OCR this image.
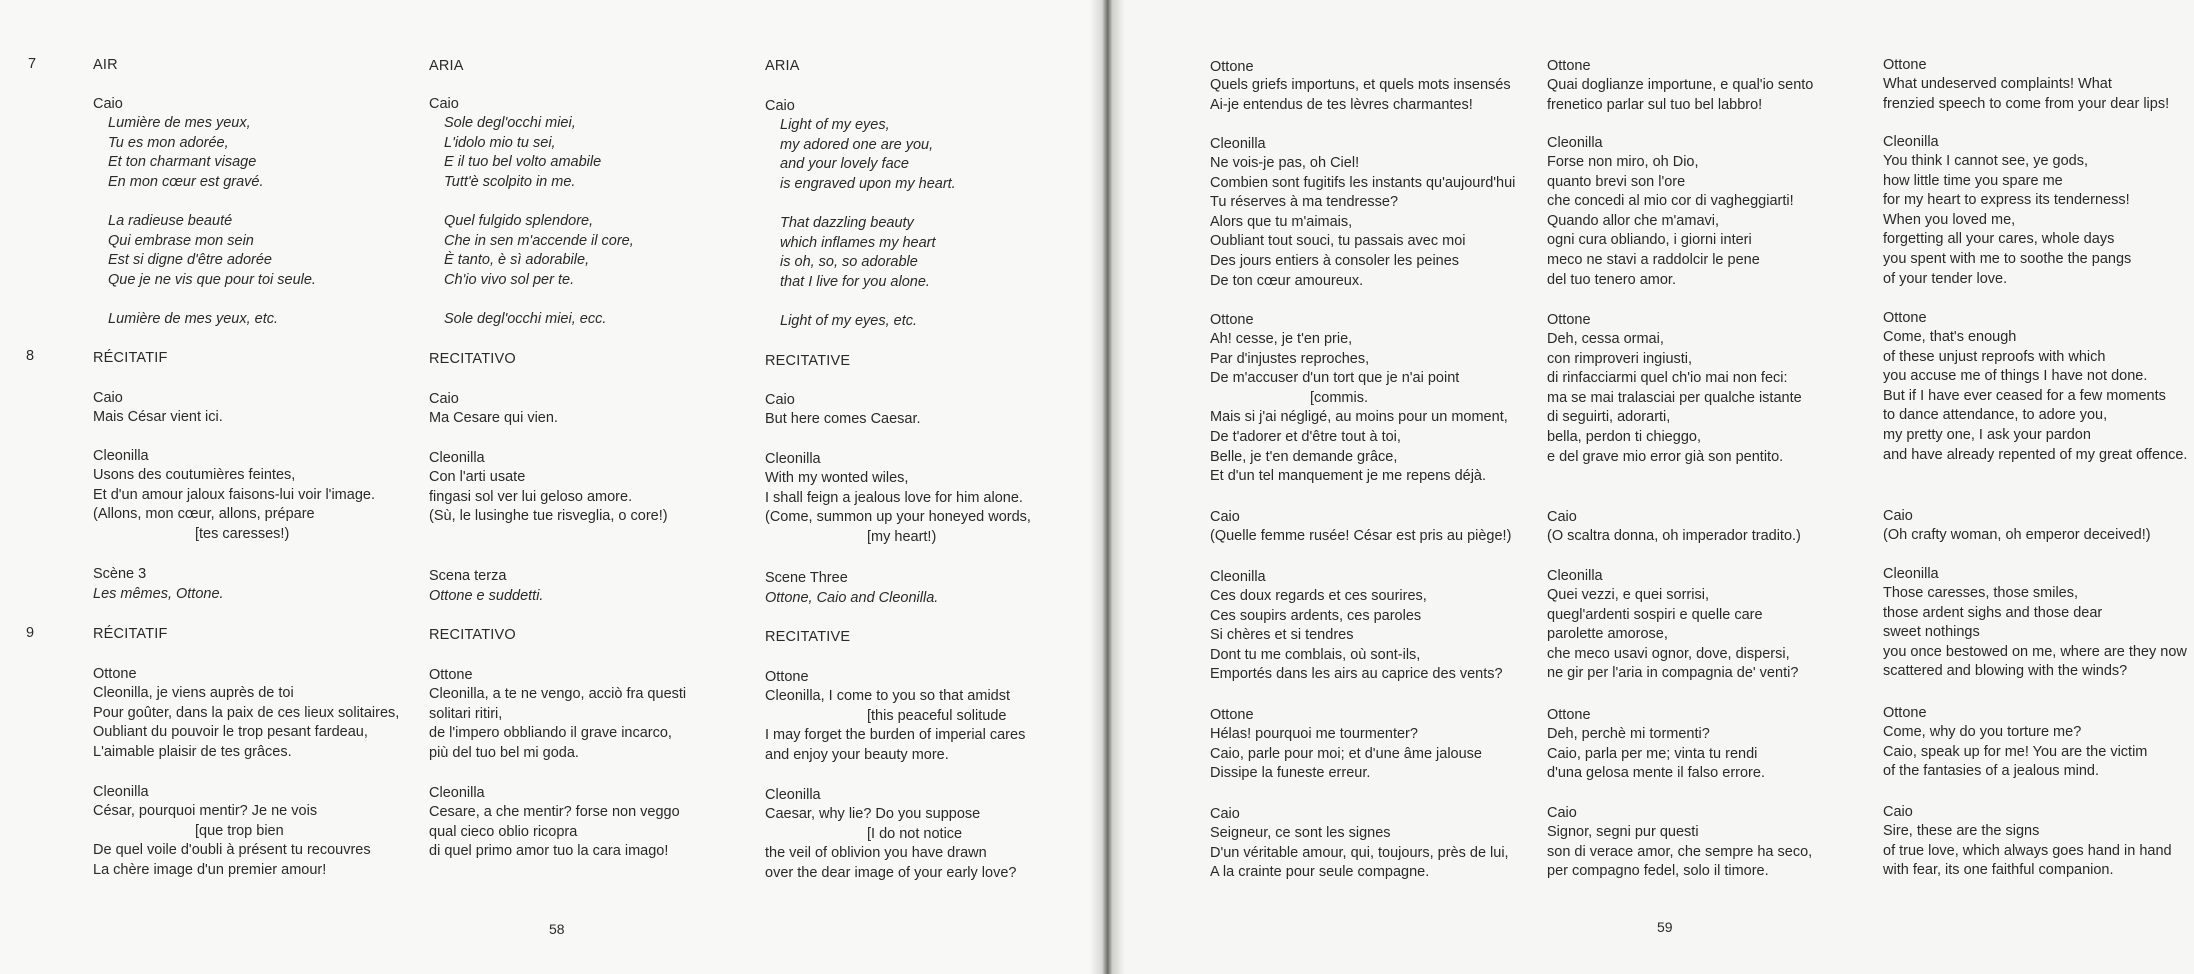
7
8
9
AIR
Caio
Lumière de mes yeux,
Tu es mon adorée,
Et ton charmant visage
En mon cœur est gravé.
La radieuse beauté
Qui embrase mon sein
Est si digne d'être adorée
Que je ne vis que pour toi seule.
Lumière de mes yeux, etc.
RÉCITATIF
Caio
Mais César vient ici.
Cleonilla
Usons des coutumières feintes,
Et d'un amour jaloux faisons-lui voir l'image.
(Allons, mon cœur, allons, prépare
[tes caresses!)
Scène 3
Les mêmes, Ottone.
RÉCITATIF
Ottone
Cleonilla, je viens auprès de toi
Pour goûter, dans la paix de ces lieux solitaires,
Oubliant du pouvoir le trop pesant fardeau,
L'aimable plaisir de tes grâces.
Cleonilla
César, pourquoi mentir? Je ne vois
[que trop bien
De quel voile d'oubli à présent tu recouvres
La chère image d'un premier amour!
ARIA
Caio
Sole degl'occhi miei,
L'idolo mio tu sei,
E il tuo bel volto amabile
Tutt'è scolpito in me.
Quel fulgido splendore,
Che in sen m'accende il core,
È tanto, è sì adorabile,
Ch'io vivo sol per te.
Sole degl'occhi miei, ecc.
RECITATIVO
Caio
Ma Cesare qui vien.
Cleonilla
Con l'arti usate
fingasi sol ver lui geloso amore.
(Sù, le lusinghe tue risveglia, o core!)
Scena terza
Ottone e suddetti.
RECITATIVO
Ottone
Cleonilla, a te ne vengo, acciò fra questi
solitari ritiri,
de l'impero obbliando il grave incarco,
più del tuo bel mi goda.
Cleonilla
Cesare, a che mentir? forse non veggo
qual cieco oblio ricopra
di quel primo amor tuo la cara imago!
ARIA
Caio
Light of my eyes,
my adored one are you,
and your lovely face
is engraved upon my heart.
That dazzling beauty
which inflames my heart
is oh, so, so adorable
that I live for you alone.
Light of my eyes, etc.
RECITATIVE
Caio
But here comes Caesar.
Cleonilla
With my wonted wiles,
I shall feign a jealous love for him alone.
(Come, summon up your honeyed words,
[my heart!)
Scene Three
Ottone, Caio and Cleonilla.
RECITATIVE
Ottone
Cleonilla, I come to you so that amidst
[this peaceful solitude
I may forget the burden of imperial cares
and enjoy your beauty more.
Cleonilla
Caesar, why lie? Do you suppose
[I do not notice
the veil of oblivion you have drawn
over the dear image of your early love?
58
Ottone
Quels griefs importuns, et quels mots insensés
Ai-je entendus de tes lèvres charmantes!
Cleonilla
Ne vois-je pas, oh Ciel!
Combien sont fugitifs les instants qu'aujourd'hui
Tu réserves à ma tendresse?
Alors que tu m'aimais,
Oubliant tout souci, tu passais avec moi
Des jours entiers à consoler les peines
De ton cœur amoureux.
Ottone
Ah! cesse, je t'en prie,
Par d'injustes reproches,
De m'accuser d'un tort que je n'ai point
[commis.
Mais si j'ai négligé, au moins pour un moment,
De t'adorer et d'être tout à toi,
Belle, je t'en demande grâce,
Et d'un tel manquement je me repens déjà.
Caio
(Quelle femme rusée! César est pris au piège!)
Cleonilla
Ces doux regards et ces sourires,
Ces soupirs ardents, ces paroles
Si chères et si tendres
Dont tu me comblais, où sont-ils,
Emportés dans les airs au caprice des vents?
Ottone
Hélas! pourquoi me tourmenter?
Caio, parle pour moi; et d'une âme jalouse
Dissipe la funeste erreur.
Caio
Seigneur, ce sont les signes
D'un véritable amour, qui, toujours, près de lui,
A la crainte pour seule compagne.
Ottone
Quai doglianze importune, e qual'io sento
frenetico parlar sul tuo bel labbro!
Cleonilla
Forse non miro, oh Dio,
quanto brevi son l'ore
che concedi al mio cor di vagheggiarti!
Quando allor che m'amavi,
ogni cura obliando, i giorni interi
meco ne stavi a raddolcir le pene
del tuo tenero amor.
Ottone
Deh, cessa ormai,
con rimproveri ingiusti,
di rinfacciarmi quel ch'io mai non feci:
ma se mai tralasciai per qualche istante
di seguirti, adorarti,
bella, perdon ti chieggo,
e del grave mio error già son pentito.
Caio
(O scaltra donna, oh imperador tradito.)
Cleonilla
Quei vezzi, e quei sorrisi,
quegl'ardenti sospiri e quelle care
parolette amorose,
che meco usavi ognor, dove, dispersi,
ne gir per l'aria in compagnia de' venti?
Ottone
Deh, perchè mi tormenti?
Caio, parla per me; vinta tu rendi
d'una gelosa mente il falso errore.
Caio
Signor, segni pur questi
son di verace amor, che sempre ha seco,
per compagno fedel, solo il timore.
Ottone
What undeserved complaints! What
frenzied speech to come from your dear lips!
Cleonilla
You think I cannot see, ye gods,
how little time you spare me
for my heart to express its tenderness!
When you loved me,
forgetting all your cares, whole days
you spent with me to soothe the pangs
of your tender love.
Ottone
Come, that's enough
of these unjust reproofs with which
you accuse me of things I have not done.
But if I have ever ceased for a few moments
to dance attendance, to adore you,
my pretty one, I ask your pardon
and have already repented of my great offence.
Caio
(Oh crafty woman, oh emperor deceived!)
Cleonilla
Those caresses, those smiles,
those ardent sighs and those dear
sweet nothings
you once bestowed on me, where are they now
scattered and blowing with the winds?
Ottone
Come, why do you torture me?
Caio, speak up for me! You are the victim
of the fantasies of a jealous mind.
Caio
Sire, these are the signs
of true love, which always goes hand in hand
with fear, its one faithful companion.
59
